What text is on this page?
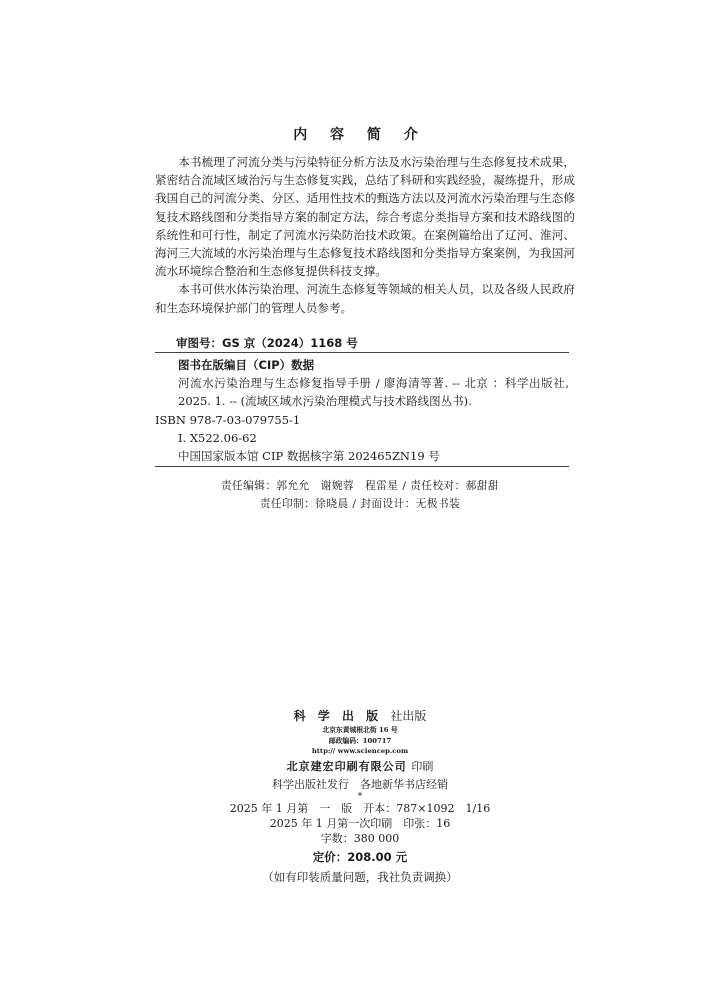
内 容 简 介

本书梳理了河流分类与污染特征分析方法及水污染治理与生态修复技术成果，紧密结合流域区域治污与生态修复实践，总结了科研和实践经验，凝练提升，形成我国自己的河流分类、分区、适用性技术的甄选方法以及河流水污染治理与生态修复技术路线图和分类指导方案的制定方法，综合考虑分类指导方案和技术路线图的系统性和可行性，制定了河流水污染防治技术政策。在案例篇给出了辽河、淮河、海河三大流域的水污染治理与生态修复技术路线图和分类指导方案案例，为我国河流水环境综合整治和生态修复提供科技支撑。

本书可供水体污染治理、河流生态修复等领域的相关人员，以及各级人民政府和生态环境保护部门的管理人员参考。

审图号：GS 京（2024）1168 号
图书在版编目（CIP）数据
河流水污染治理与生态修复指导手册 / 廖海清等著. -- 北京 ：科学出版社, 2025. 1. -- (流域区域水污染治理模式与技术路线图丛书).
ISBN 978-7-03-079755-1
Ⅰ. X522.06-62
中国国家版本馆 CIP 数据核字第 202465ZN19 号
责任编辑：郭允允　谢婉蓉　程雷星 / 责任校对：郝甜甜
责任印制：徐晓晨 / 封面设计：无极书装
科 学 出 版 社出版
北京东黄城根北街 16 号
邮政编码：100717
http:// www.sciencep.com
北京建宏印刷有限公司 印刷
科学出版社发行　各地新华书店经销
*
2025 年 1 月第　一　版　开本：787×1092　1/16
2025 年 1 月第一次印刷　印张：16
字数：380 000
定价：208.00 元
（如有印装质量问题，我社负责调换）
